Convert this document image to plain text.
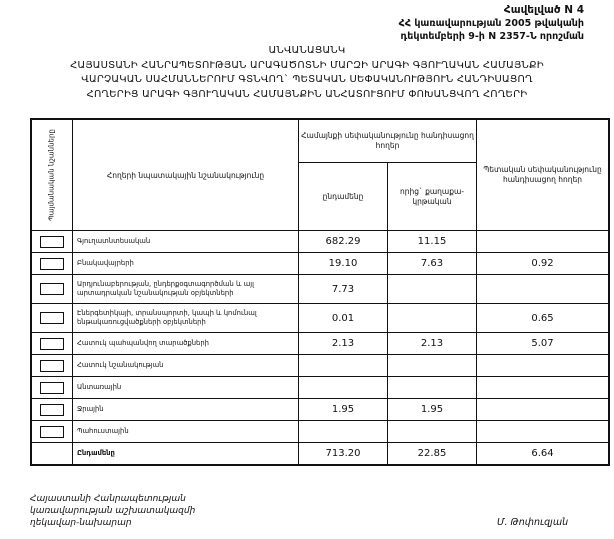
Հավելված N 4
ՀՀ կառավարության 2005 թվականի
դեկտեմբերի 9-ի N 2357-Ն որոշման
ԱՆՎԱՆԱՑԱՆԿ
ՀԱՅԱՍՏԱՆԻ ՀԱՆՐԱՊԵՏՈՒԹՅԱՆ ԱՐԱԳԱԾՈՏՆԻ ՄԱՐԶԻ ԱՐԱԳԻ ԳՅՈՒՂԱԿԱՆ ՀԱՄԱՅՆՔԻ
ՎԱՐՉԱԿԱՆ ՍԱՀՄԱՆՆԵՐՈՒՄ ԳՏՆՎՈՂ` ՊԵՏԱԿԱՆ ՍԵՓԱԿԱՆՈՒԹՅՈՒՆ ՀԱՆԴԻՍԱՑՈՂ
ՀՈՂԵՐԻՑ ԱՐԱԳԻ ԳՅՈՒՂԱԿԱՆ ՀԱՄԱՅՆՔԻՆ ԱՆՀԱՏՈՒՑՈՒՄ ՓՈԽԱՆՑՎՈՂ ՀՈՂԵՐԻ
Պայմանական նշանները	Հողերի նպատակային նշանակությունը	Համայնքի սեփականությունը հանդիսացող հողեր		Պետական սեփականությունը հանդիսացող հողեր
		ընդամենը	որից` քաղաքա-կրթական	
	Գյուղատնտեսական	682.29	11.15	
	Բնակավայրերի	19.10	7.63	0.92
	Արդյունաբերության, ընդերքօգտագործման և այլ արտադրական նշանակության օբյեկտների	7.73		
	Էներգետիկայի, տրանսպորտի, կապի և կոմունալ ենթակառուցվածքների օբյեկտների	0.01		0.65
	Հատուկ պահպանվող տարածքների	2.13	2.13	5.07
	Հատուկ նշանակության			
	Անտառային			
	Ջրային	1.95	1.95	
	Պահուստային			
	Ընդամենը	713.20	22.85	6.64
Հայաստանի Հանրապետության
կառավարության աշխատակազմի
ղեկավար-նախարար	Մ. Թոփուզյան
